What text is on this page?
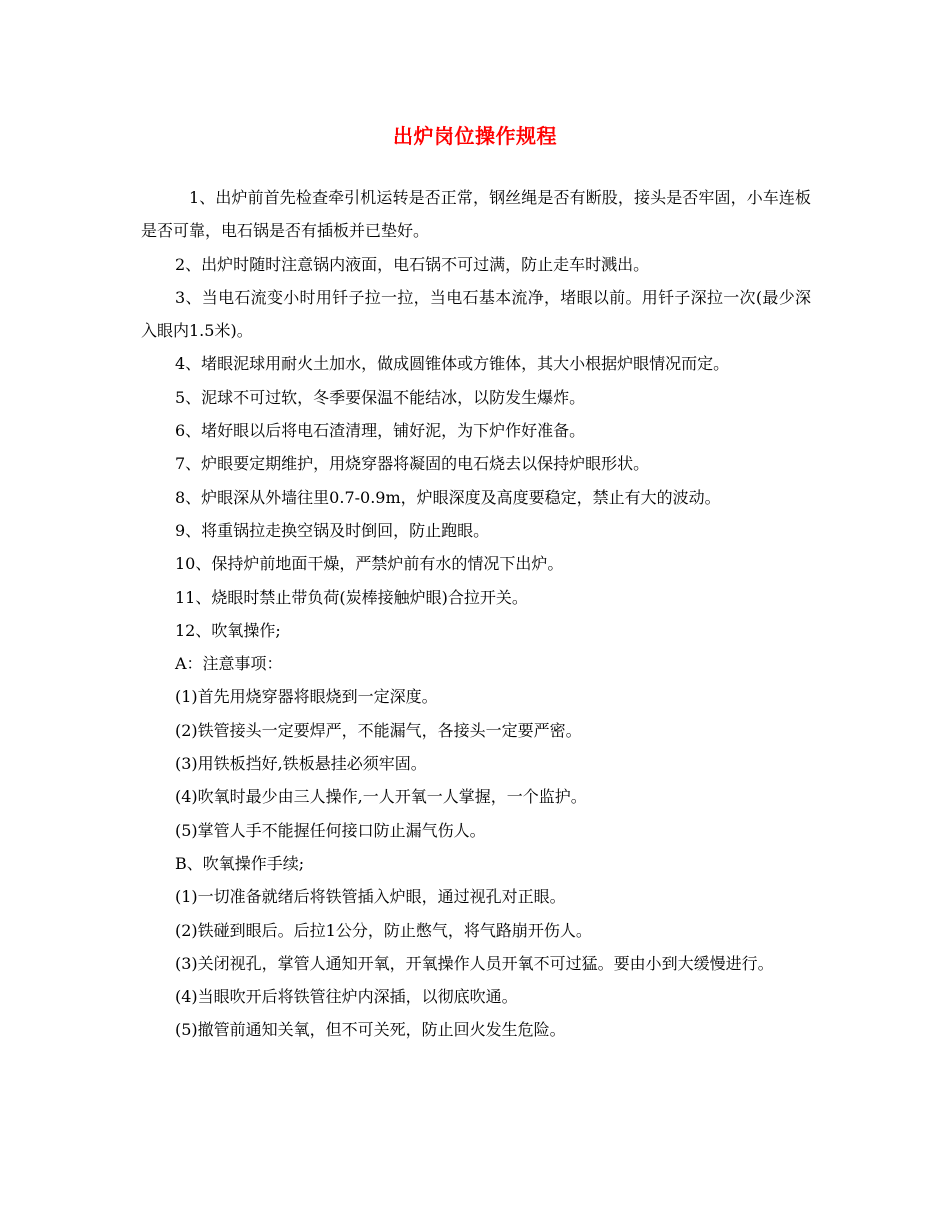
出炉岗位操作规程

1、出炉前首先检查牵引机运转是否正常，钢丝绳是否有断股，接头是否牢固，小车连板是否可靠，电石锅是否有插板并已垫好。

2、出炉时随时注意锅内液面，电石锅不可过满，防止走车时溅出。

3、当电石流变小时用钎子拉一拉，当电石基本流净，堵眼以前。用钎子深拉一次(最少深入眼内1.5米)。

4、堵眼泥球用耐火土加水，做成圆锥体或方锥体，其大小根据炉眼情况而定。

5、泥球不可过软，冬季要保温不能结冰，以防发生爆炸。

6、堵好眼以后将电石渣清理，铺好泥，为下炉作好准备。

7、炉眼要定期维护，用烧穿器将凝固的电石烧去以保持炉眼形状。

8、炉眼深从外墙往里0.7-0.9m，炉眼深度及高度要稳定，禁止有大的波动。

9、将重锅拉走换空锅及时倒回，防止跑眼。

10、保持炉前地面干燥，严禁炉前有水的情况下出炉。

11、烧眼时禁止带负荷(炭棒接触炉眼)合拉开关。

12、吹氧操作;

A：注意事项：

(1)首先用烧穿器将眼烧到一定深度。

(2)铁管接头一定要焊严，不能漏气，各接头一定要严密。

(3)用铁板挡好,铁板悬挂必须牢固。

(4)吹氧时最少由三人操作,一人开氧一人掌握，一个监护。

(5)掌管人手不能握任何接口防止漏气伤人。

B、吹氧操作手续;

(1)一切准备就绪后将铁管插入炉眼，通过视孔对正眼。

(2)铁碰到眼后。后拉1公分，防止憋气，将气路崩开伤人。

(3)关闭视孔，掌管人通知开氧，开氧操作人员开氧不可过猛。要由小到大缓慢进行。

(4)当眼吹开后将铁管往炉内深插，以彻底吹通。

(5)撤管前通知关氧，但不可关死，防止回火发生危险。
